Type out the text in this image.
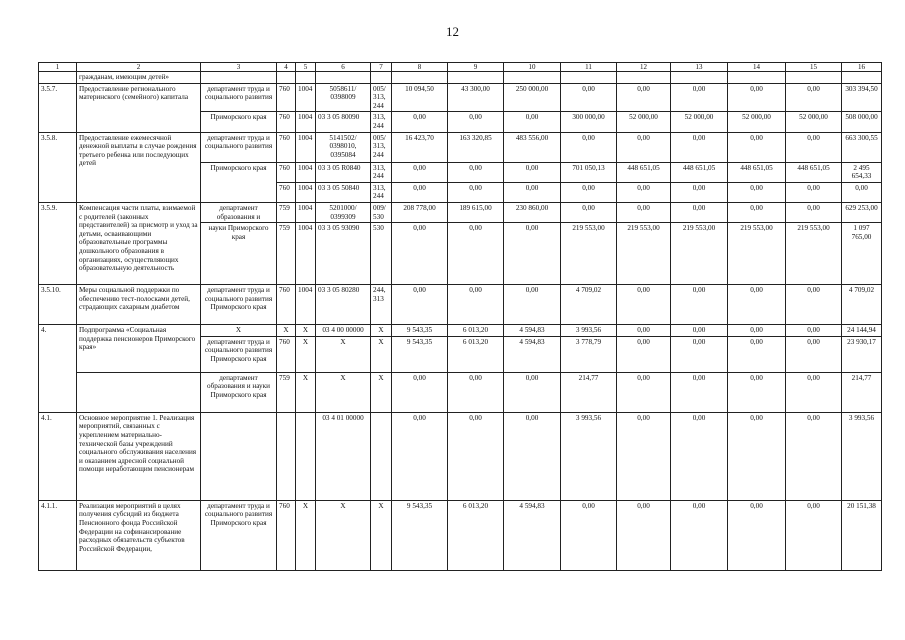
12
1	2	3	4	5	6	7	8	9	10	11	12	13	14	15	16
	гражданам, имеющим детей»														
3.5.7.	Предоставление регионального материнского (семейного) капитала	департамент труда и социального развития	760	1004	5058611/ 0398009	005/ 313, 244	10 094,50	43 300,00	250 000,00	0,00	0,00	0,00	0,00	0,00	303 394,50
		Приморского края	760	1004	03 3 05 80090	313, 244	0,00	0,00	0,00	300 000,00	52 000,00	52 000,00	52 000,00	52 000,00	508 000,00
3.5.8.	Предоставление ежемесячной денежной выплаты в случае рождения третьего ребенка или последующих детей	департамент труда и социального развития	760	1004	5141502/ 0398010, 0395084	005/ 313, 244	16 423,70	163 320,85	483 556,00	0,00	0,00	0,00	0,00	0,00	663 300,55
		Приморского края	760	1004	03 3 05 R0840	313, 244	0,00	0,00	0,00	701 050,13	448 651,05	448 651,05	448 651,05	448 651,05	2 495 654,33
			760	1004	03 3 05 50840	313, 244	0,00	0,00	0,00	0,00	0,00	0,00	0,00	0,00	0,00
3.5.9.	Компенсация части платы, взимаемой с родителей (законных представителей) за присмотр и уход за детьми, осваивающими образовательные программы дошкольного образования в организациях, осуществляющих образовательную деятельность	департамент образования и	759	1004	5201000/ 0399309	009/ 530	208 778,00	189 615,00	230 860,00	0,00	0,00	0,00	0,00	0,00	629 253,00
		науки Приморского края	759	1004	03 3 05 93090	530	0,00	0,00	0,00	219 553,00	219 553,00	219 553,00	219 553,00	219 553,00	1 097 765,00
3.5.10.	Меры социальной поддержки по обеспечению тест-полосками детей, страдающих сахарным диабетом	департамент труда и социального развития Приморского края	760	1004	03 3 05 80280	244, 313	0,00	0,00	0,00	4 709,02	0,00	0,00	0,00	0,00	4 709,02
4.	Подпрограмма «Социальная поддержка пенсионеров Приморского края»	X	X	X	03 4 00 00000	X	9 543,35	6 013,20	4 594,83	3 993,56	0,00	0,00	0,00	0,00	24 144,94
		департамент труда и социального развития Приморского края	760	X	X	X	9 543,35	6 013,20	4 594,83	3 778,79	0,00	0,00	0,00	0,00	23 930,17
		департамент образования и науки Приморского края	759	X	X	X	0,00	0,00	0,00	214,77	0,00	0,00	0,00	0,00	214,77
4.1.	Основное мероприятие 1. Реализация мероприятий, связанных с укреплением материально-технической базы учреждений социального обслуживания населения и оказанием адресной социальной помощи неработающим пенсионерам				03 4 01 00000		0,00	0,00	0,00	3 993,56	0,00	0,00	0,00	0,00	3 993,56
4.1.1.	Реализация мероприятий в целях получения субсидий из бюджета Пенсионного фонда Российской Федерации на софинансирование расходных обязательств субъектов Российской Федерации,	департамент труда и социального развития Приморского края	760	X	X	X	9 543,35	6 013,20	4 594,83	0,00	0,00	0,00	0,00	0,00	20 151,38
